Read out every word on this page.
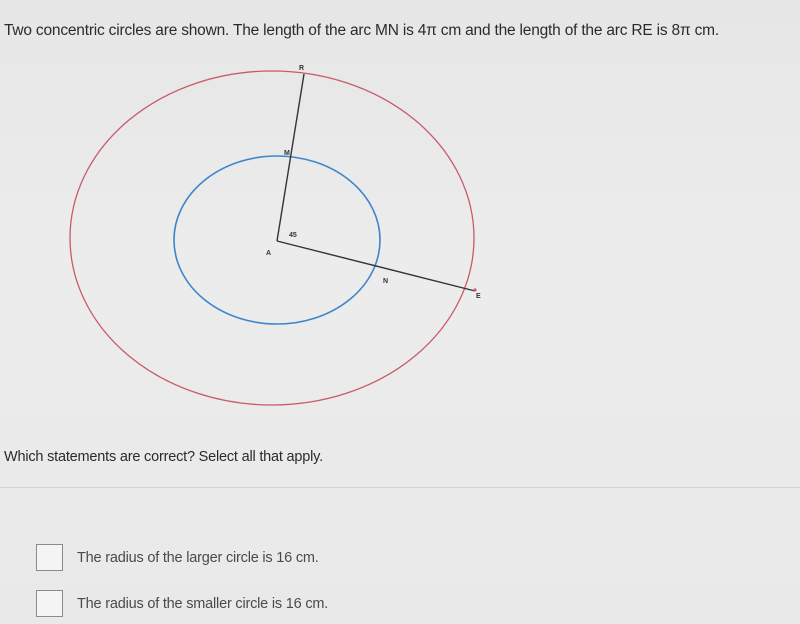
Two concentric circles are shown. The length of the arc MN is 4π cm and the length of the arc RE is 8π cm.
R
M
45
A
N
E
Which statements are correct? Select all that apply.
The radius of the larger circle is 16 cm.
The radius of the smaller circle is 16 cm.
